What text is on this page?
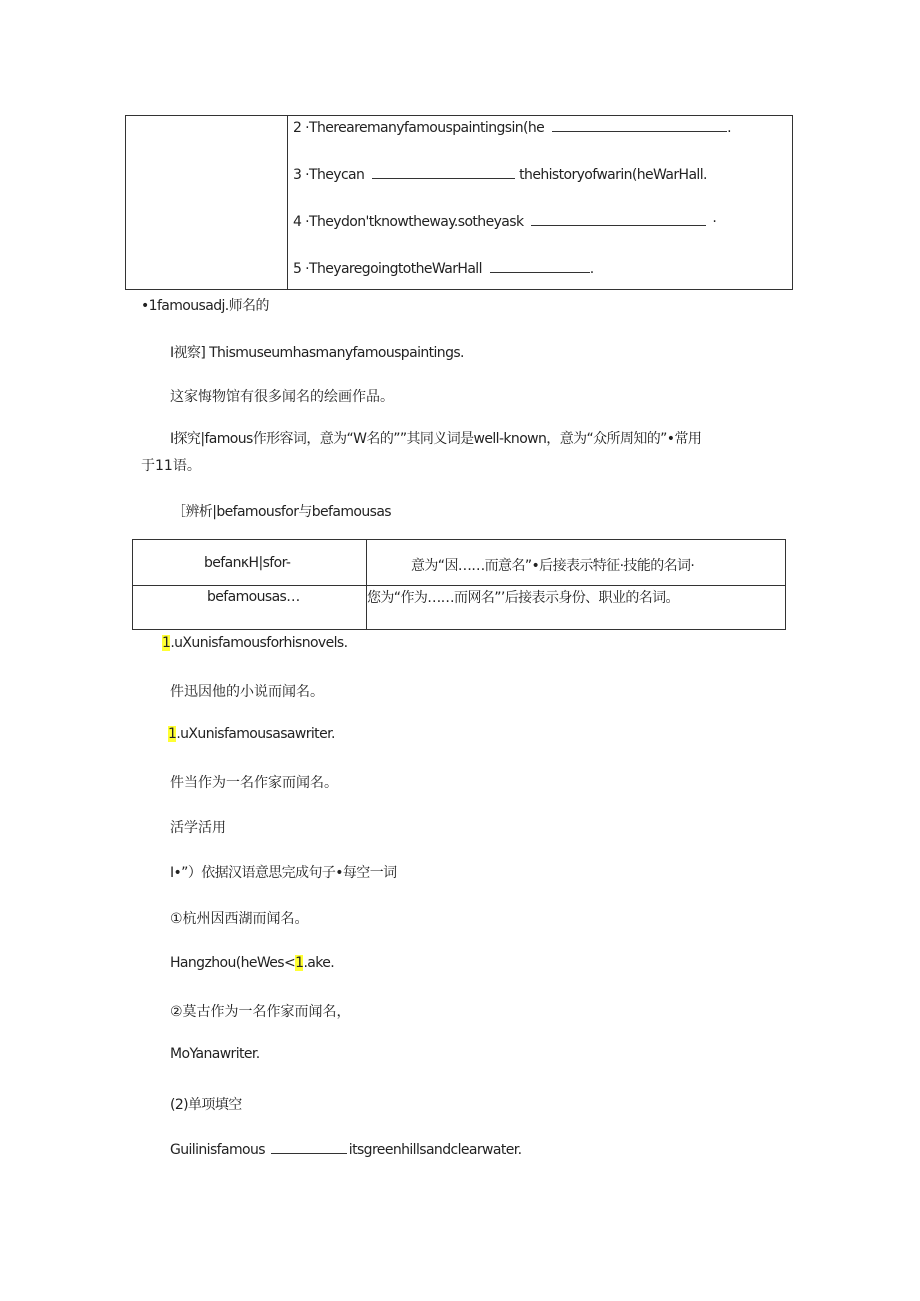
2 ·Therearemanyfamouspaintingsin(he	.
3 ·Theycan	thehistoryofwarin(heWarHall.
4 ·Theydon'tknowtheway.sotheyask	·
5 ·TheyaregoingtotheWarHall	.
•1famousadj.师名的
I视察] Thismuseumhasmanyfamouspaintings.
这家悔物馆有很多闻名的绘画作品。
I探究|famous作形容词，意为“W名的””其同义词是well-known，意为“众所周知的”•常用
于11语。
［辨析|befamousfor与befamousas
befanκH|sfor-	意为“因……而意名”•后接表示特征·技能的名词·
befamousas…	您为“作为……而网名”’后接表示身份、职业的名词。
1.uXunisfamousforhisnovels.
件迅因他的小说而闻名。
1.uXunisfamousasawriter.
件当作为一名作家而闻名。
活学活用
I•”）依据汉语意思完成句子•每空一词
①杭州因西湖而闻名。
Hangzhou(heWes<1.ake.
②莫古作为一名作家而闻名，
MoYanawriter.
(2)单项填空
Guilinisfamous	itsgreenhillsandclearwater.
